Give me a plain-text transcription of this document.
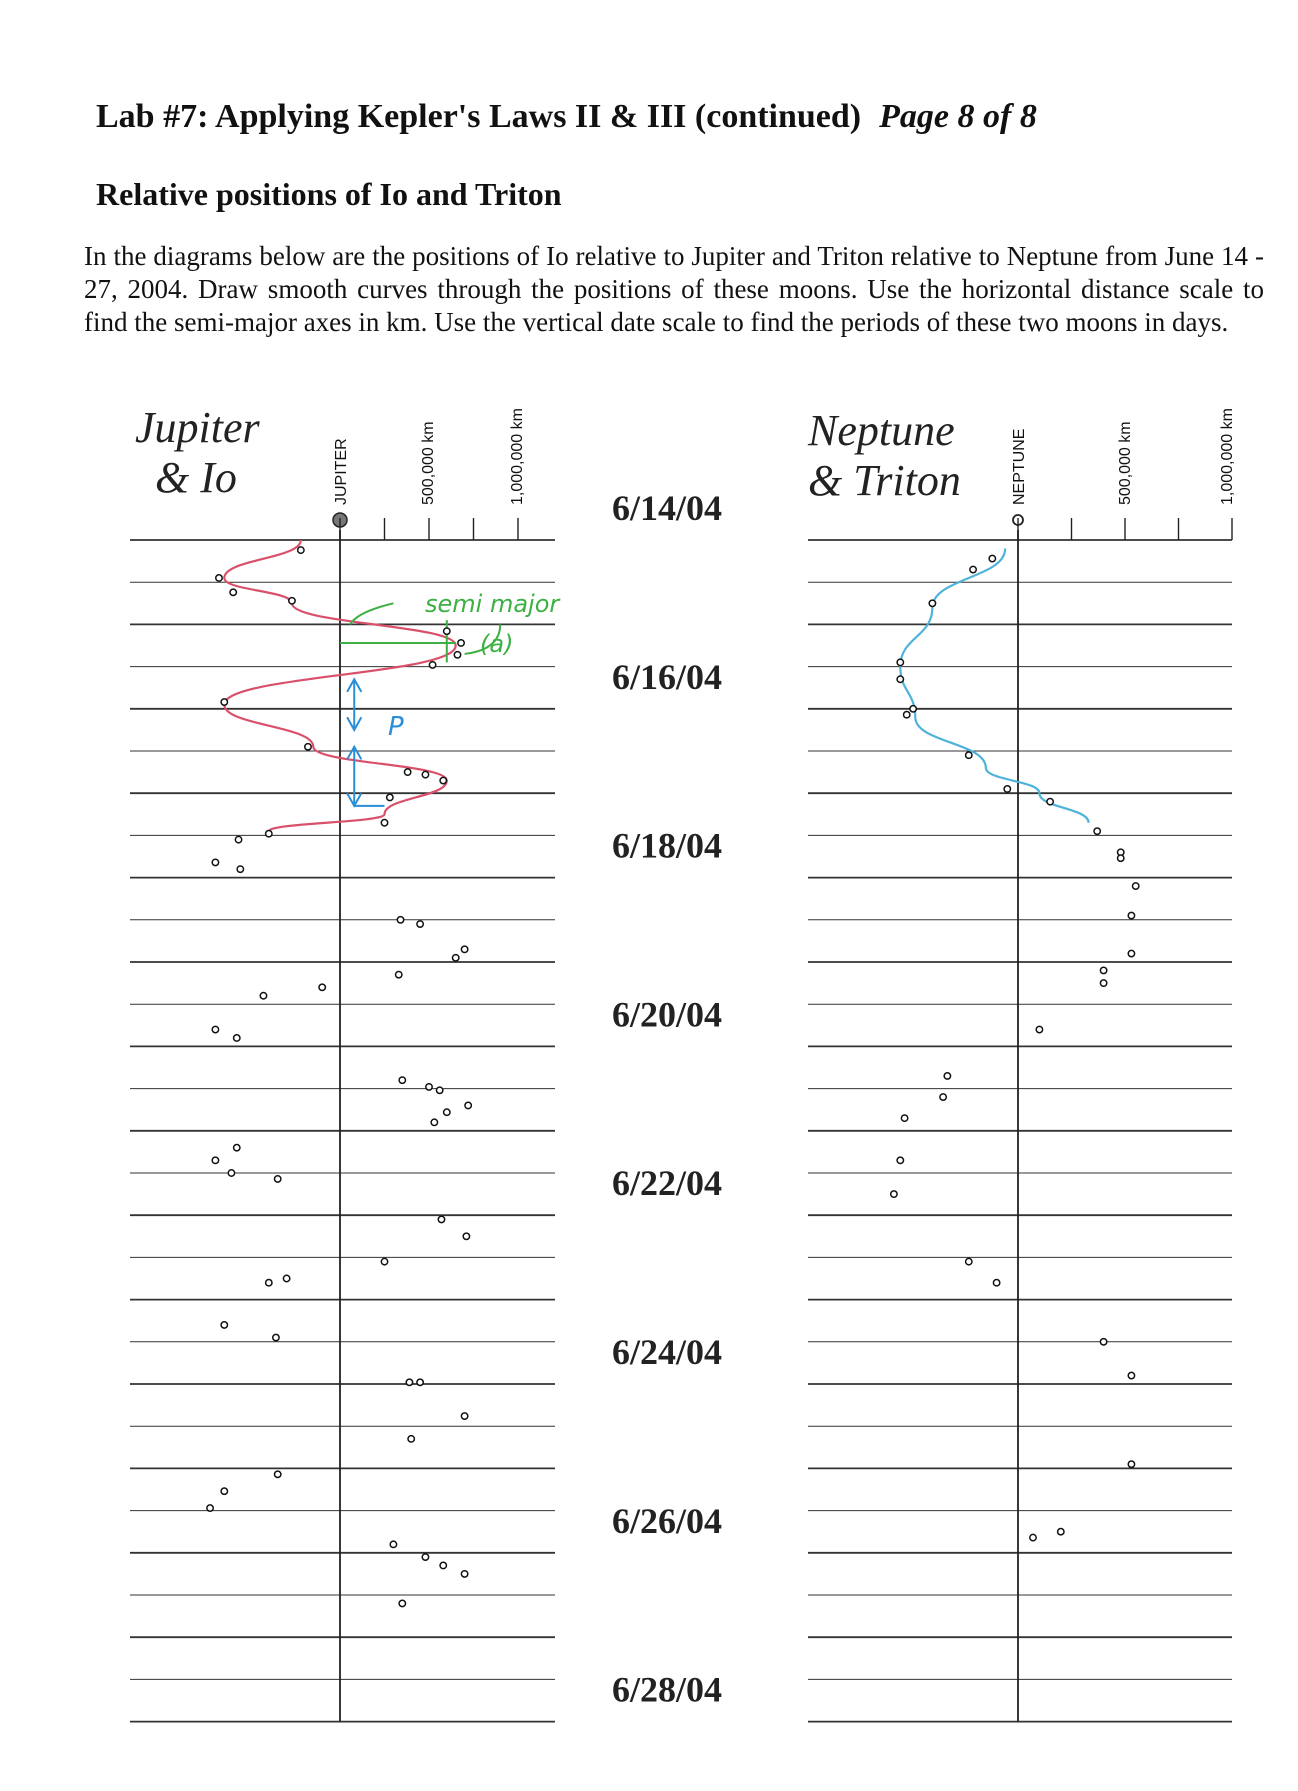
Lab #7: Applying Kepler's Laws II & III (continued) Page 8 of 8
Relative positions of Io and Triton
In the diagrams below are the positions of Io relative to Jupiter and Triton relative to Neptune from June 14 - 27, 2004. Draw smooth curves through the positions of these moons. Use the horizontal distance scale to find the semi-major axes in km. Use the vertical date scale to find the periods of these two moons in days.
Jupiter
& Io
Neptune
& Triton
JUPITER	500,000 km	1,000,000 km	NEPTUNE	500,000 km	1,000,000 km
6/14/04
6/16/04
6/18/04
6/20/04
6/22/04
6/24/04
6/26/04
6/28/04
semi major
(a)
P
